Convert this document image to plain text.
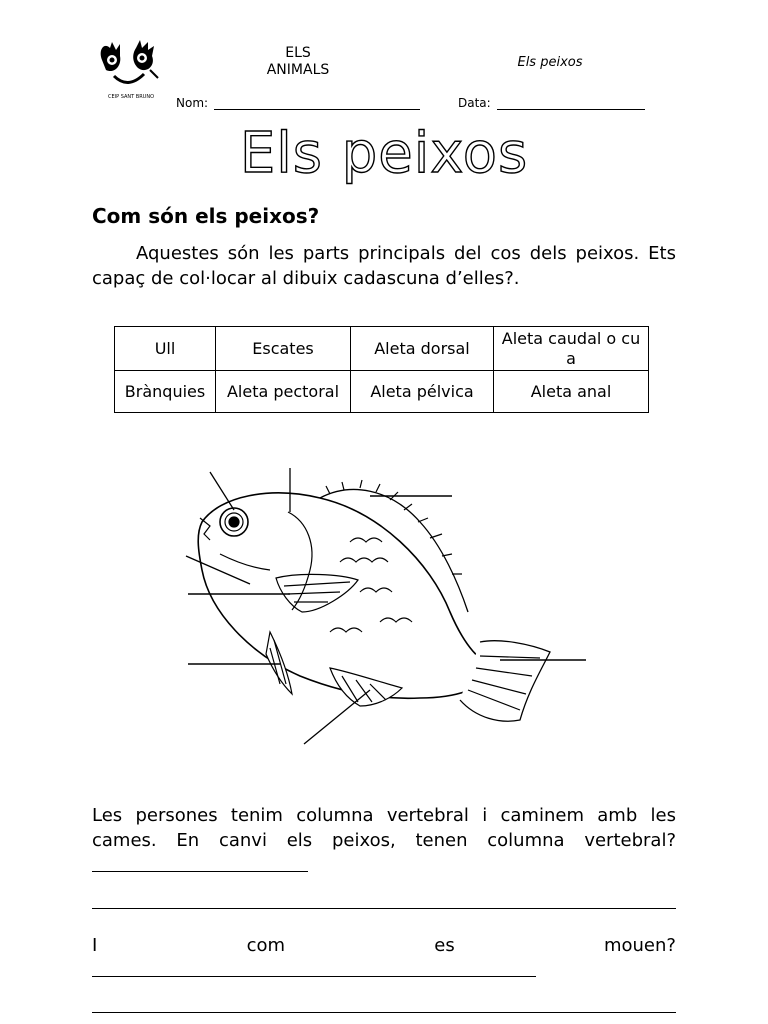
CEIP SANT BRUNO
ELS
ANIMALS	Els peixos
Nom:	Data:
Els peixos
Com són els peixos?
Aquestes són les parts principals del cos dels peixos. Ets capaç de col·locar al dibuix cadascuna d’elles?.
Ull	Escates	Aleta dorsal	Aleta caudal o cua
Brànquies	Aleta pectoral	Aleta pélvica	Aleta anal
Les persones tenim columna vertebral i caminem amb les cames. En canvi els peixos, tenen columna vertebral?
I	com	es	mouen?
